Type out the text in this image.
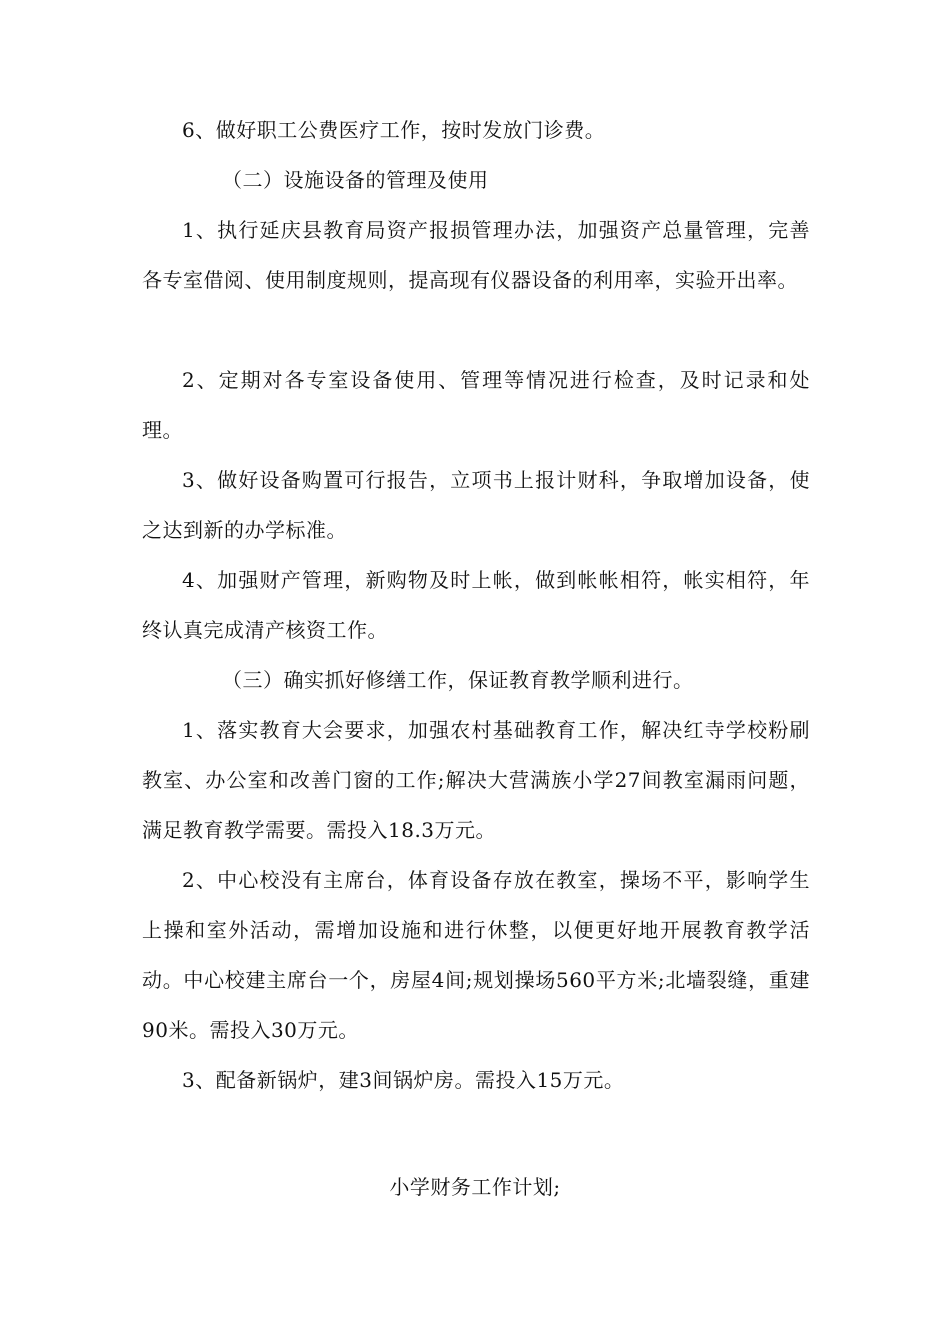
6、做好职工公费医疗工作，按时发放门诊费。

（二）设施设备的管理及使用

1、执行延庆县教育局资产报损管理办法，加强资产总量管理，完善各专室借阅、使用制度规则，提高现有仪器设备的利用率，实验开出率。

2、定期对各专室设备使用、管理等情况进行检查，及时记录和处理。

3、做好设备购置可行报告，立项书上报计财科，争取增加设备，使之达到新的办学标准。

4、加强财产管理，新购物及时上帐，做到帐帐相符，帐实相符，年终认真完成清产核资工作。

（三）确实抓好修缮工作，保证教育教学顺利进行。

1、落实教育大会要求，加强农村基础教育工作，解决红寺学校粉刷教室、办公室和改善门窗的工作;解决大营满族小学27间教室漏雨问题，满足教育教学需要。需投入18.3万元。

2、中心校没有主席台，体育设备存放在教室，操场不平，影响学生上操和室外活动，需增加设施和进行休整，以便更好地开展教育教学活动。中心校建主席台一个，房屋4间;规划操场560平方米;北墙裂缝，重建90米。需投入30万元。

3、配备新锅炉，建3间锅炉房。需投入15万元。

小学财务工作计划;
